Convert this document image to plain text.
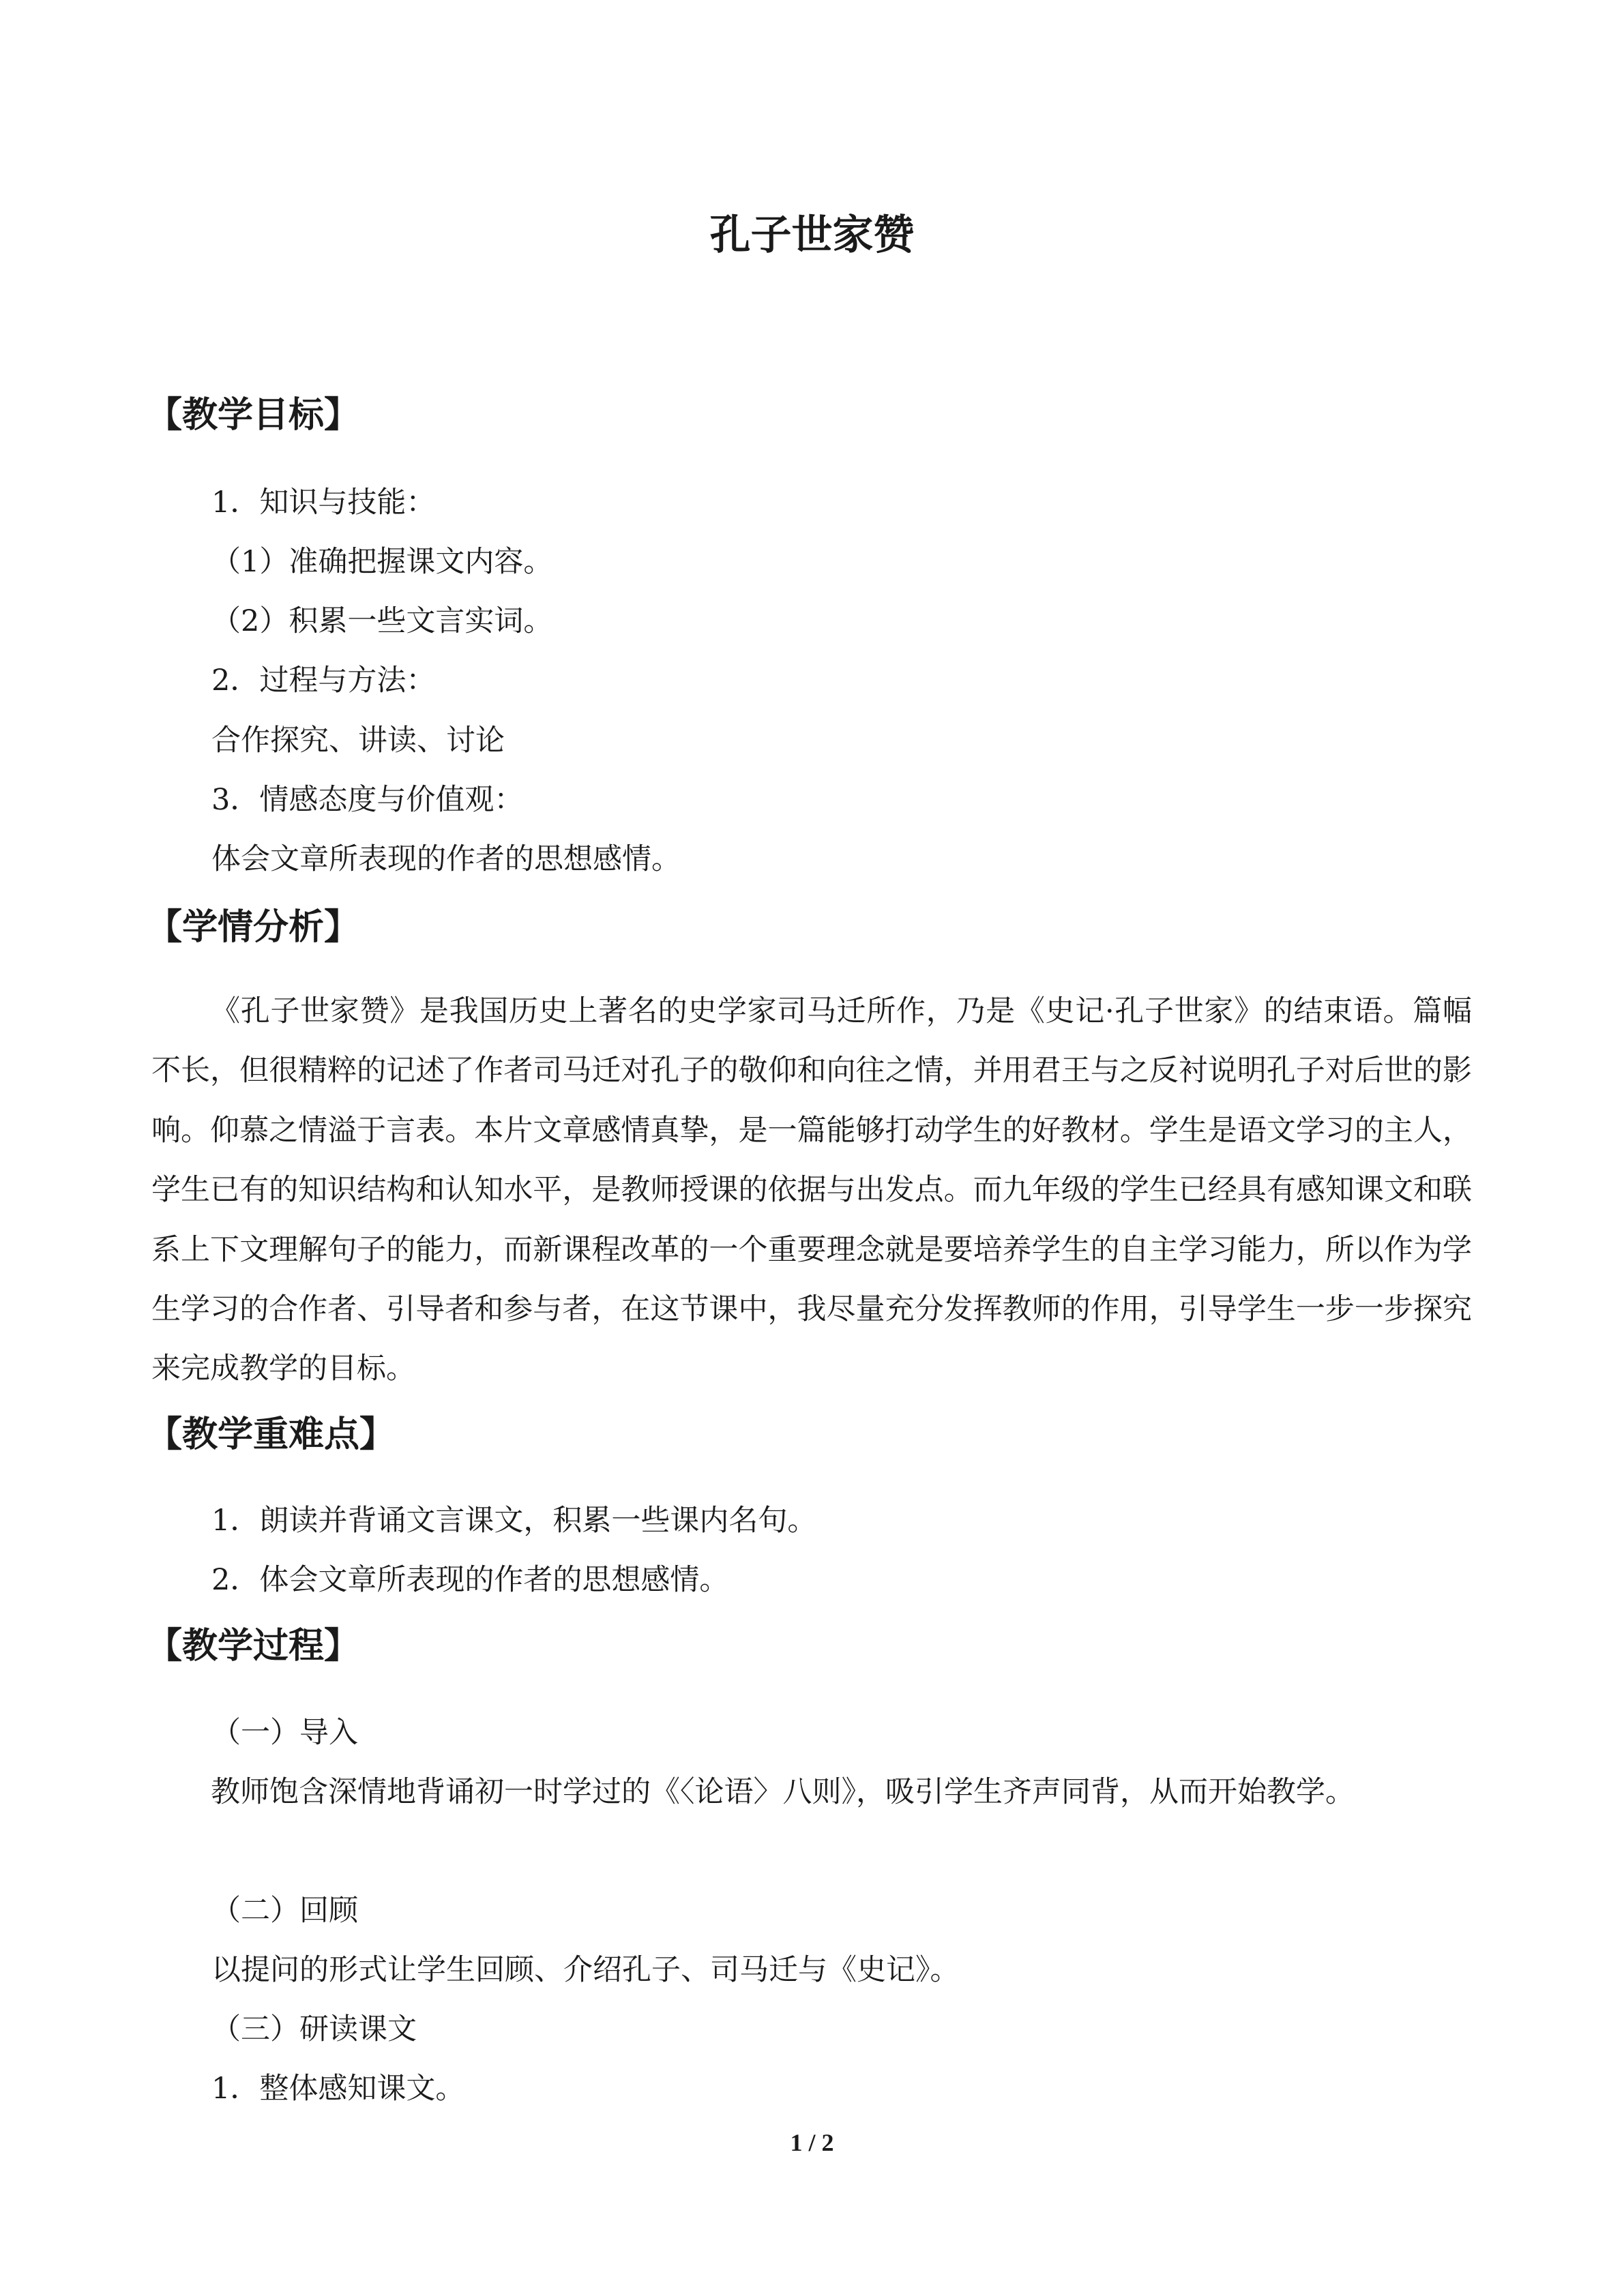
孔子世家赞
【教学目标】
1．知识与技能：
（1）准确把握课文内容。
（2）积累一些文言实词。
2．过程与方法：
合作探究、讲读、讨论
3．情感态度与价值观：
体会文章所表现的作者的思想感情。
【学情分析】

《孔子世家赞》是我国历史上著名的史学家司马迁所作，乃是《史记·孔子世家》的结束语。篇幅不长，但很精粹的记述了作者司马迁对孔子的敬仰和向往之情，并用君王与之反衬说明孔子对后世的影响。仰慕之情溢于言表。本片文章感情真挚，是一篇能够打动学生的好教材。学生是语文学习的主人，学生已有的知识结构和认知水平，是教师授课的依据与出发点。而九年级的学生已经具有感知课文和联系上下文理解句子的能力，而新课程改革的一个重要理念就是要培养学生的自主学习能力，所以作为学生学习的合作者、引导者和参与者，在这节课中，我尽量充分发挥教师的作用，引导学生一步一步探究来完成教学的目标。

【教学重难点】
1．朗读并背诵文言课文，积累一些课内名句。
2．体会文章所表现的作者的思想感情。
【教学过程】
（一）导入

教师饱含深情地背诵初一时学过的《〈论语〉八则》，吸引学生齐声同背，从而开始教学。

（二）回顾
以提问的形式让学生回顾、介绍孔子、司马迁与《史记》。
（三）研读课文
1．整体感知课文。
1 / 2
